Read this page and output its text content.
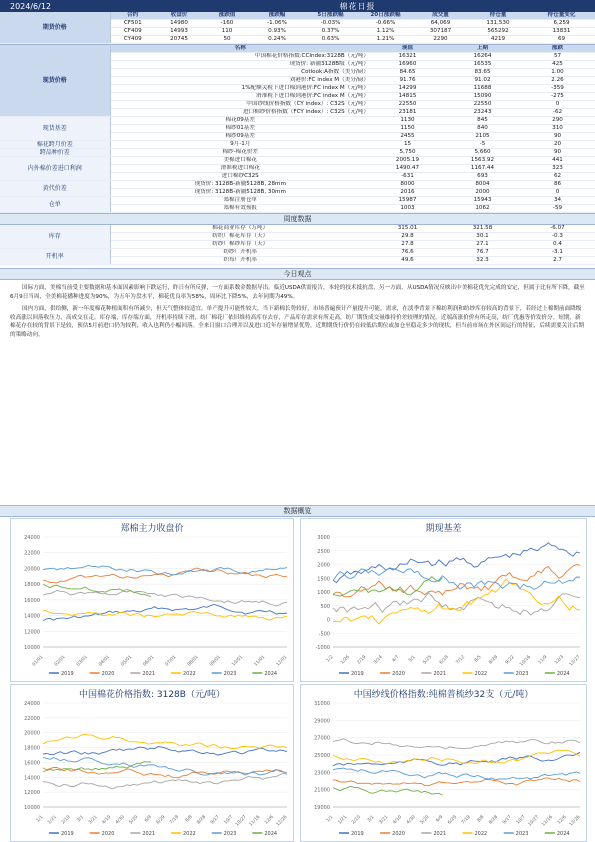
2024/6/12	棉花日报
期货价格	合约	收盘价	涨跌值	涨跌幅	5日涨跌幅	20日涨跌幅	成交量	持仓量	持仓量变化
	CF501	14980	-160	-1.06%	-0.03%	-0.66%	64,069	131,530	6,259
	CF409	14993	110	0.93%	0.37%	1.12%	307187	565292	13831
	CY409	20745	50	0.24%	0.63%	1.21%	2290	4219	69
现货价格	名称	现值	上期	涨跌
	中国棉花价格指数:CCIndex:3128B（元/吨）	16321	16264	57
	现货价: 新疆3128B级（元/吨）	16960	16535	425
	Cotlook:A指数（美分/磅）	84.65	83.65	1.00
	刘港价:FC index M（美分/磅）	91.76	91.02	2.26
	1%配额关税下进口棉到港价:FC index M（元/吨）	14299	11688	-359
	滑准税下进口棉到港价:FC index M（元/吨）	14815	15090	-275
	中国纱线价格指数（CY index）: C32S（元/吨）	22550	22550	0
	进口棉纱价格指数（FCY index）: C32S（元/吨）	23181	23243	-62
现货基差	棉花09基差	1130	845	290
	棉纱01基差	1150	840	310
	棉纱09基差	2455	2105	90
棉花跨月价差	9月-1月	15	-5	20
跨品种价差	棉纱-棉花价差	5,750	5,660	90
内外棉价差进口利润	美棉进口棉花	2005.19	1563.92	441
	滑准税进口棉花	1490.47	1167.44	323
	进口棉纱C32S	-631	693	62
黄代价差	现货价: 3128B-新疆5128B, 28mm	8000	8004	86
	现货价: 3128B-新疆5128B, 30mm	2016	2000	0
仓单	郑棉注册仓单	15987	15943	34
	郑棉有效预报	1003	1062	-59
周度数据
库存	棉花商业库存（万吨）	315.01	321.58	-6.07
	纺织厂棉花库存（天）	29.8	30.1	-0.3
	纺纱厂棉纱库存（天）	27.8	27.1	0.4
开机率	纺纱厂开机率	76.6	76.7	-3.1
	织布厂开机率	49.6	32.3	2.7
今日观点
国际方面，美棉当前受主要数据和基本面因素影响下跌运行，昨日有所反弹，一方面系数金数据导出。临近USDA供需报告，本轮的技术抵抗盘，另一方面，从USDA情况反映出中美棉花优先完成的安定，但属于比有所下降，截至6月9日当周，全美棉花播种进度为90%，为五年为盘水平，棉花优良率为58%，周环比下降5%，去年同期为49%。
国内方面，供给侧，新一年度棉花种植面积有所减少，但天气整体较适宜，单产提升可能性较大，当下新棉长势较好，市场普遍预计产量提升可能。需求，在淡季背景下棉纺利润和纺纱库存较高的背景下，若经过上棉期前面降级收高涨以回落收压力，高成交在走。库存端，库存端方面，开机率持续下滑，纺厂棉花厂依旧维持高库存去存，产品库存需求有所走高，纺厂期货成交量维持价差较理的情况，近端高涨价价有所走高，纺厂优惠等价发价分。短期，新棉花存在较的背景下是较，预估5月前进口仍为较利，收入也利仍小幅回落。全来日窗口合理并以及进口近年存量增显优势，近期期货行价仍在较低估期位或加仓至稳走多少的现状，但当前市场在外区间运行的特征，后续需要关注后期的策略动向。
数据概览
郑棉主力收盘价
24000
22000
20000
18000
16000
14000
12000
10000
01/01 02/01 03/01 04/01 05/01 06/01 07/01 08/01 09/01 10/01 11/01 12/01
2019	2020	2021	2022	2023	2024
期现基差
3000
2500
2000
1500
1000
500
0
-500
-1000
1/2 1/26 2/19 3/14 4/7 5/1 5/25 6/18 7/12 8/5 8/29 9/22 10/16 11/9 12/3 12/27
2019	2020	2021	2022	2023	2024
中国棉花价格指数: 3128B（元/吨）
24000
22000
20000
18000
16000
14000
12000
10000
1/1 1/21 2/10 3/1 3/21 4/10 4/30 5/20 6/9 6/29 7/19 8/8 8/28 9/17 10/7 10/27 11/16 12/6 12/26
2019	2020	2021	2022	2023	2024
中国纱线价格指数:纯棉普梳纱32支（元/吨）
31000
29000
27000
25000
23000
21000
19000
1/1 1/21 2/10 3/1 3/21 4/10 4/30 5/20 6/9 6/29 7/19 8/8 8/28 9/17 10/7 10/27 11/16 12/6 12/26
2019	2020	2021	2022	2023	2024
